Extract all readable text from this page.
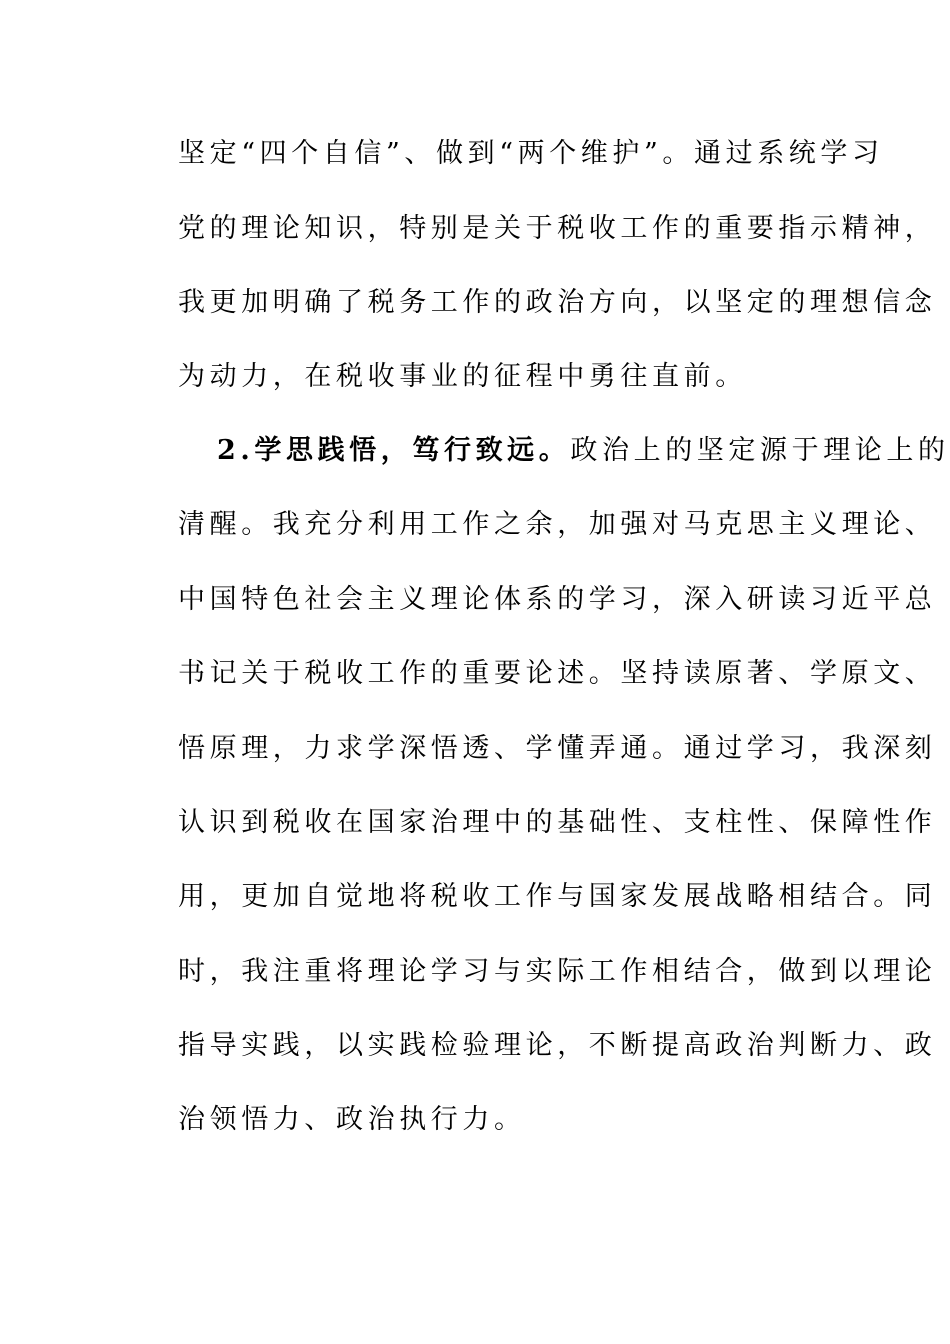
坚定“四个自信”、做到“两个维护”。通过系统学习
党的理论知识，特别是关于税收工作的重要指示精神，
我更加明确了税务工作的政治方向，以坚定的理想信念
为动力，在税收事业的征程中勇往直前。
2.学思践悟，笃行致远。政治上的坚定源于理论上的
清醒。我充分利用工作之余，加强对马克思主义理论、
中国特色社会主义理论体系的学习，深入研读习近平总
书记关于税收工作的重要论述。坚持读原著、学原文、
悟原理，力求学深悟透、学懂弄通。通过学习，我深刻
认识到税收在国家治理中的基础性、支柱性、保障性作
用，更加自觉地将税收工作与国家发展战略相结合。同
时，我注重将理论学习与实际工作相结合，做到以理论
指导实践，以实践检验理论，不断提高政治判断力、政
治领悟力、政治执行力。
